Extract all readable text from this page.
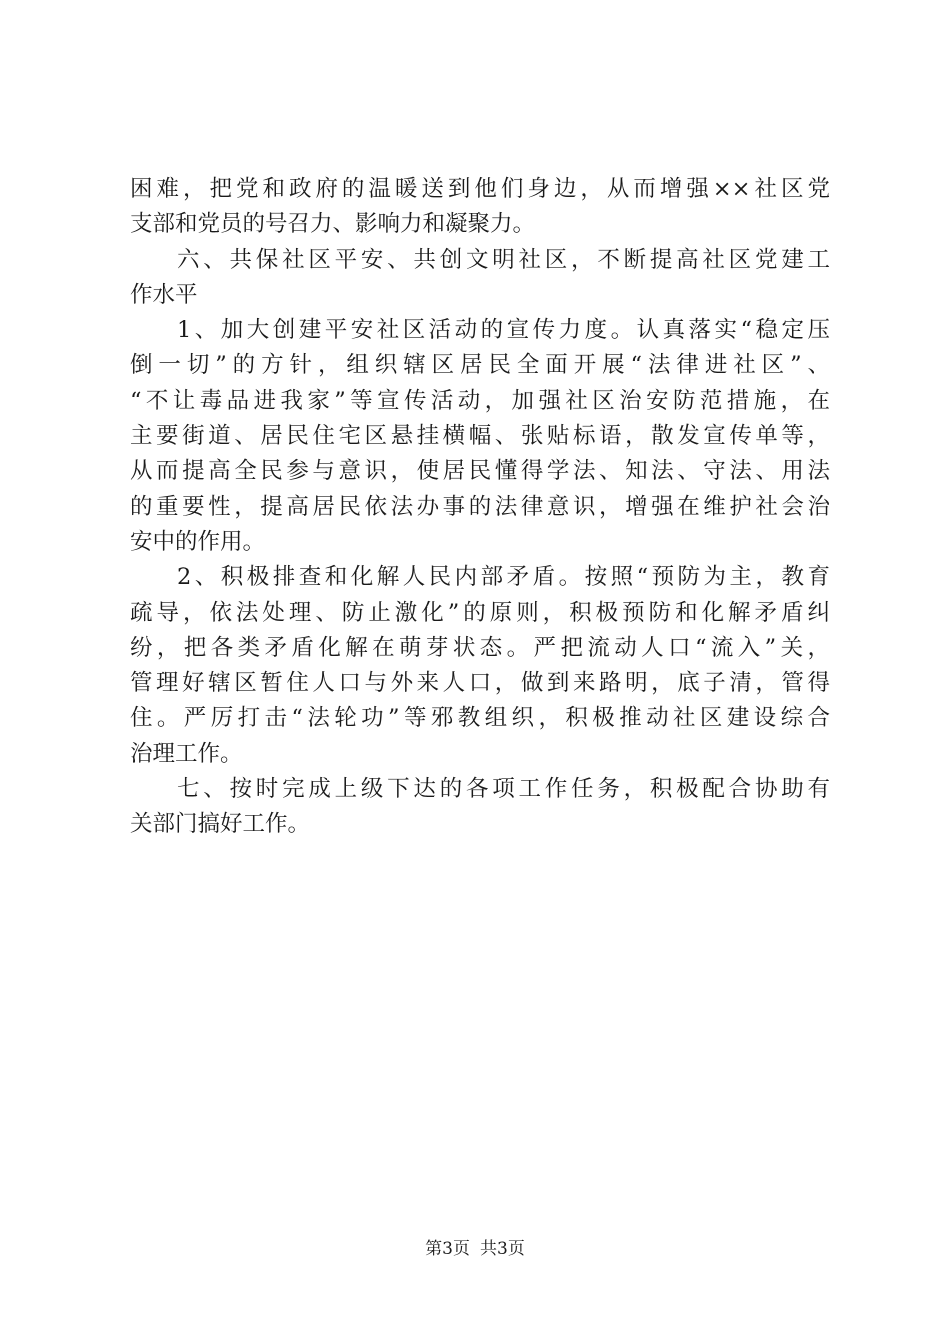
困难，把党和政府的温暖送到他们身边，从而增强××社区党
支部和党员的号召力、影响力和凝聚力。
六、共保社区平安、共创文明社区，不断提高社区党建工
作水平
1、加大创建平安社区活动的宣传力度。认真落实“稳定压
倒一切”的方针，组织辖区居民全面开展“法律进社区”、
“不让毒品进我家”等宣传活动，加强社区治安防范措施，在
主要街道、居民住宅区悬挂横幅、张贴标语，散发宣传单等，
从而提高全民参与意识，使居民懂得学法、知法、守法、用法
的重要性，提高居民依法办事的法律意识，增强在维护社会治
安中的作用。
2、积极排查和化解人民内部矛盾。按照“预防为主，教育
疏导，依法处理、防止激化”的原则，积极预防和化解矛盾纠
纷，把各类矛盾化解在萌芽状态。严把流动人口“流入”关，
管理好辖区暂住人口与外来人口，做到来路明，底子清，管得
住。严厉打击“法轮功”等邪教组织，积极推动社区建设综合
治理工作。
七、按时完成上级下达的各项工作任务，积极配合协助有
关部门搞好工作。
第3页 共3页
